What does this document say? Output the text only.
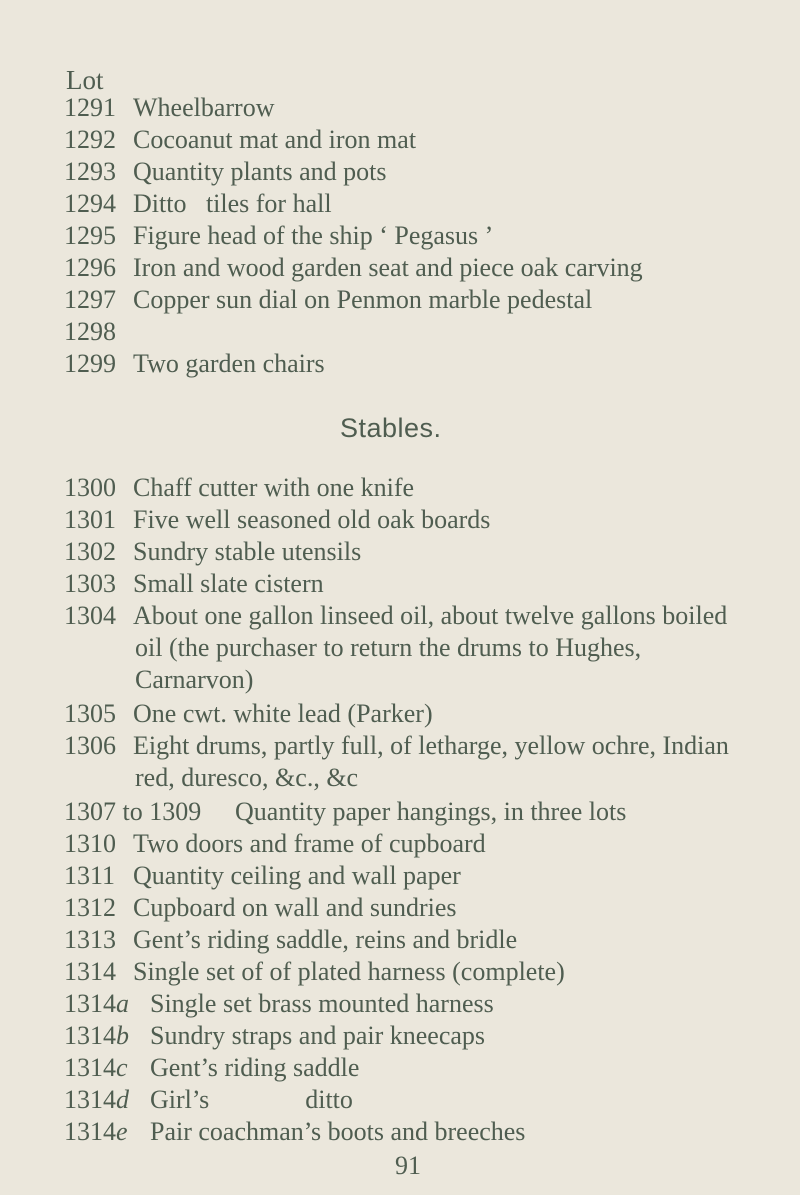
Lot
1291 Wheelbarrow
1292 Cocoanut mat and iron mat
1293 Quantity plants and pots
1294 Ditto   tiles for hall
1295 Figure head of the ship ‘ Pegasus ’
1296 Iron and wood garden seat and piece oak carving
1297 Copper sun dial on Penmon marble pedestal
1298
1299 Two garden chairs
Stables.
1300 Chaff cutter with one knife
1301 Five well seasoned old oak boards
1302 Sundry stable utensils
1303 Small slate cistern
1304 About one gallon linseed oil, about twelve gallons boiled
oil (the purchaser to return the drums to Hughes,
Carnarvon)
1305 One cwt. white lead (Parker)
1306 Eight drums, partly full, of letharge, yellow ochre, Indian
red, duresco, &c., &c
1307 to 1309 Quantity paper hangings, in three lots
1310 Two doors and frame of cupboard
1311 Quantity ceiling and wall paper
1312 Cupboard on wall and sundries
1313 Gent’s riding saddle, reins and bridle
1314 Single set of of plated harness (complete)
1314a Single set brass mounted harness
1314b Sundry straps and pair kneecaps
1314c Gent’s riding saddle
1314d Girl’s	ditto
1314e Pair coachman’s boots and breeches
91
